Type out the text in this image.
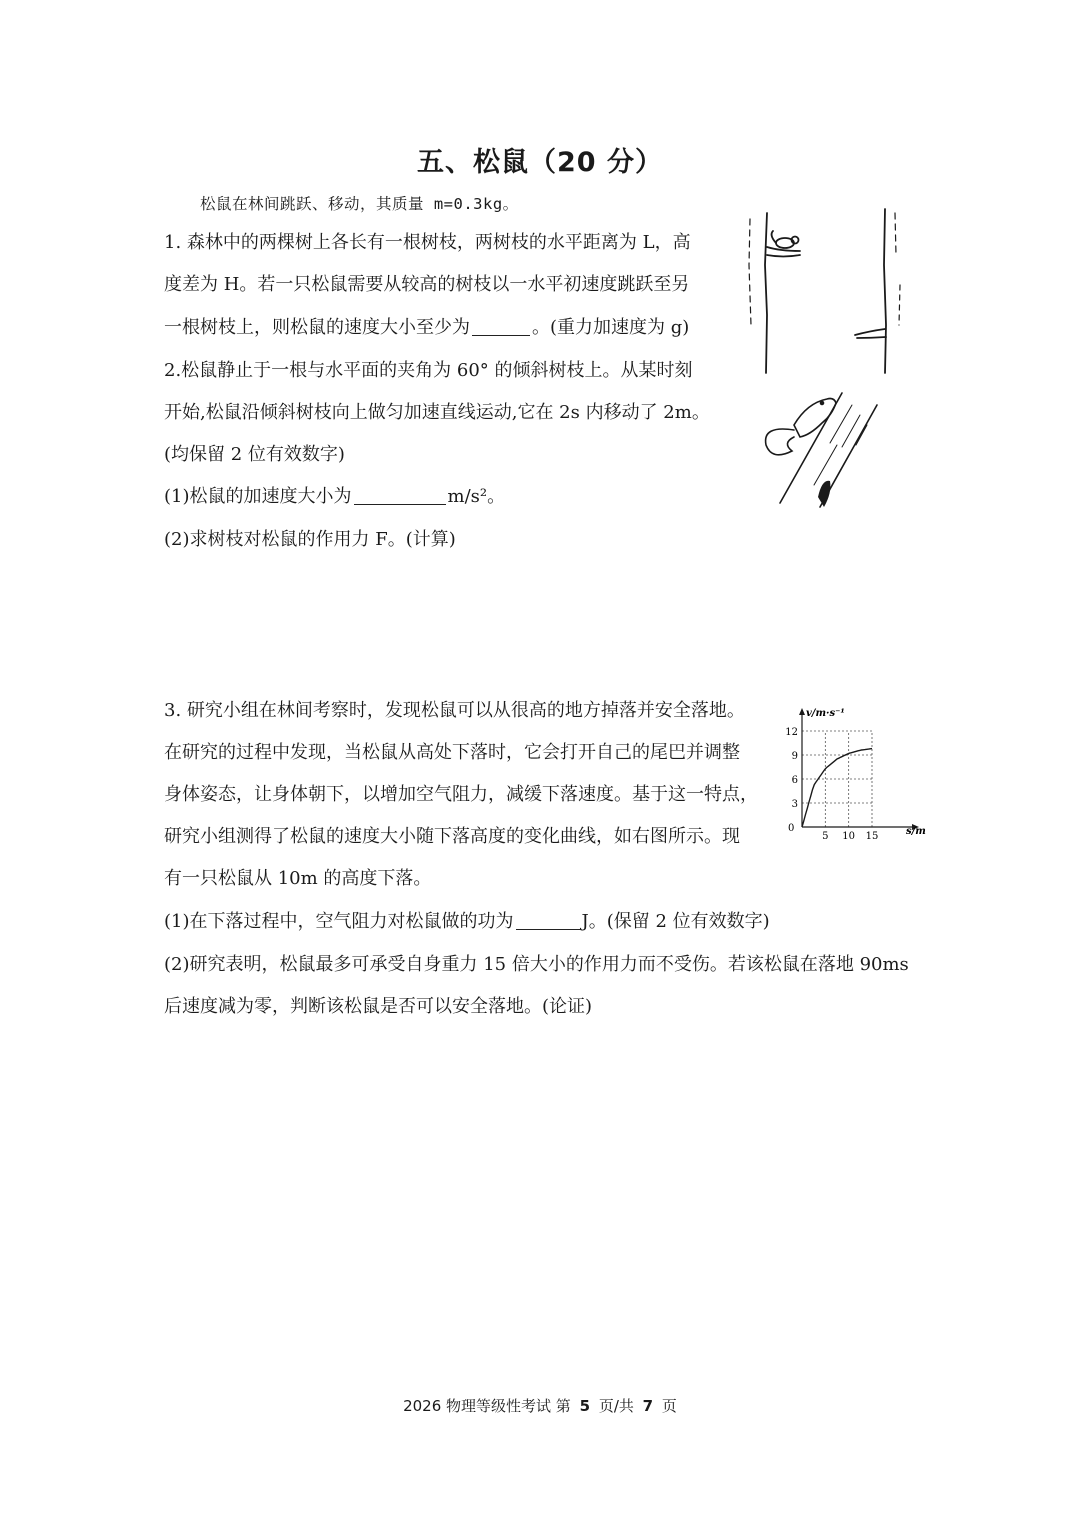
五、松鼠（20 分）
松鼠在林间跳跃、移动，其质量 m=0.3kg。
1. 森林中的两棵树上各长有一根树枝，两树枝的水平距离为 L，高
度差为 H。若一只松鼠需要从较高的树枝以一水平初速度跳跃至另
一根树枝上，则松鼠的速度大小至少为	。(重力加速度为 g)
2.松鼠静止于一根与水平面的夹角为 60° 的倾斜树枝上。从某时刻
开始,松鼠沿倾斜树枝向上做匀加速直线运动,它在 2s 内移动了 2m。
(均保留 2 位有效数字)
(1)松鼠的加速度大小为	m/s²。
(2)求树枝对松鼠的作用力 F。(计算)
3. 研究小组在林间考察时，发现松鼠可以从很高的地方掉落并安全落地。
在研究的过程中发现，当松鼠从高处下落时，它会打开自己的尾巴并调整
身体姿态，让身体朝下，以增加空气阻力，减缓下落速度。基于这一特点，
研究小组测得了松鼠的速度大小随下落高度的变化曲线，如右图所示。现
有一只松鼠从 10m 的高度下落。
(1)在下落过程中，空气阻力对松鼠做的功为	J。(保留 2 位有效数字)
(2)研究表明，松鼠最多可承受自身重力 15 倍大小的作用力而不受伤。若该松鼠在落地 90ms
后速度减为零，判断该松鼠是否可以安全落地。(论证)
3
6
9
12
5 10 15
v/m·s⁻¹
s/m
0
2026 物理等级性考试 第 5 页/共 7 页
